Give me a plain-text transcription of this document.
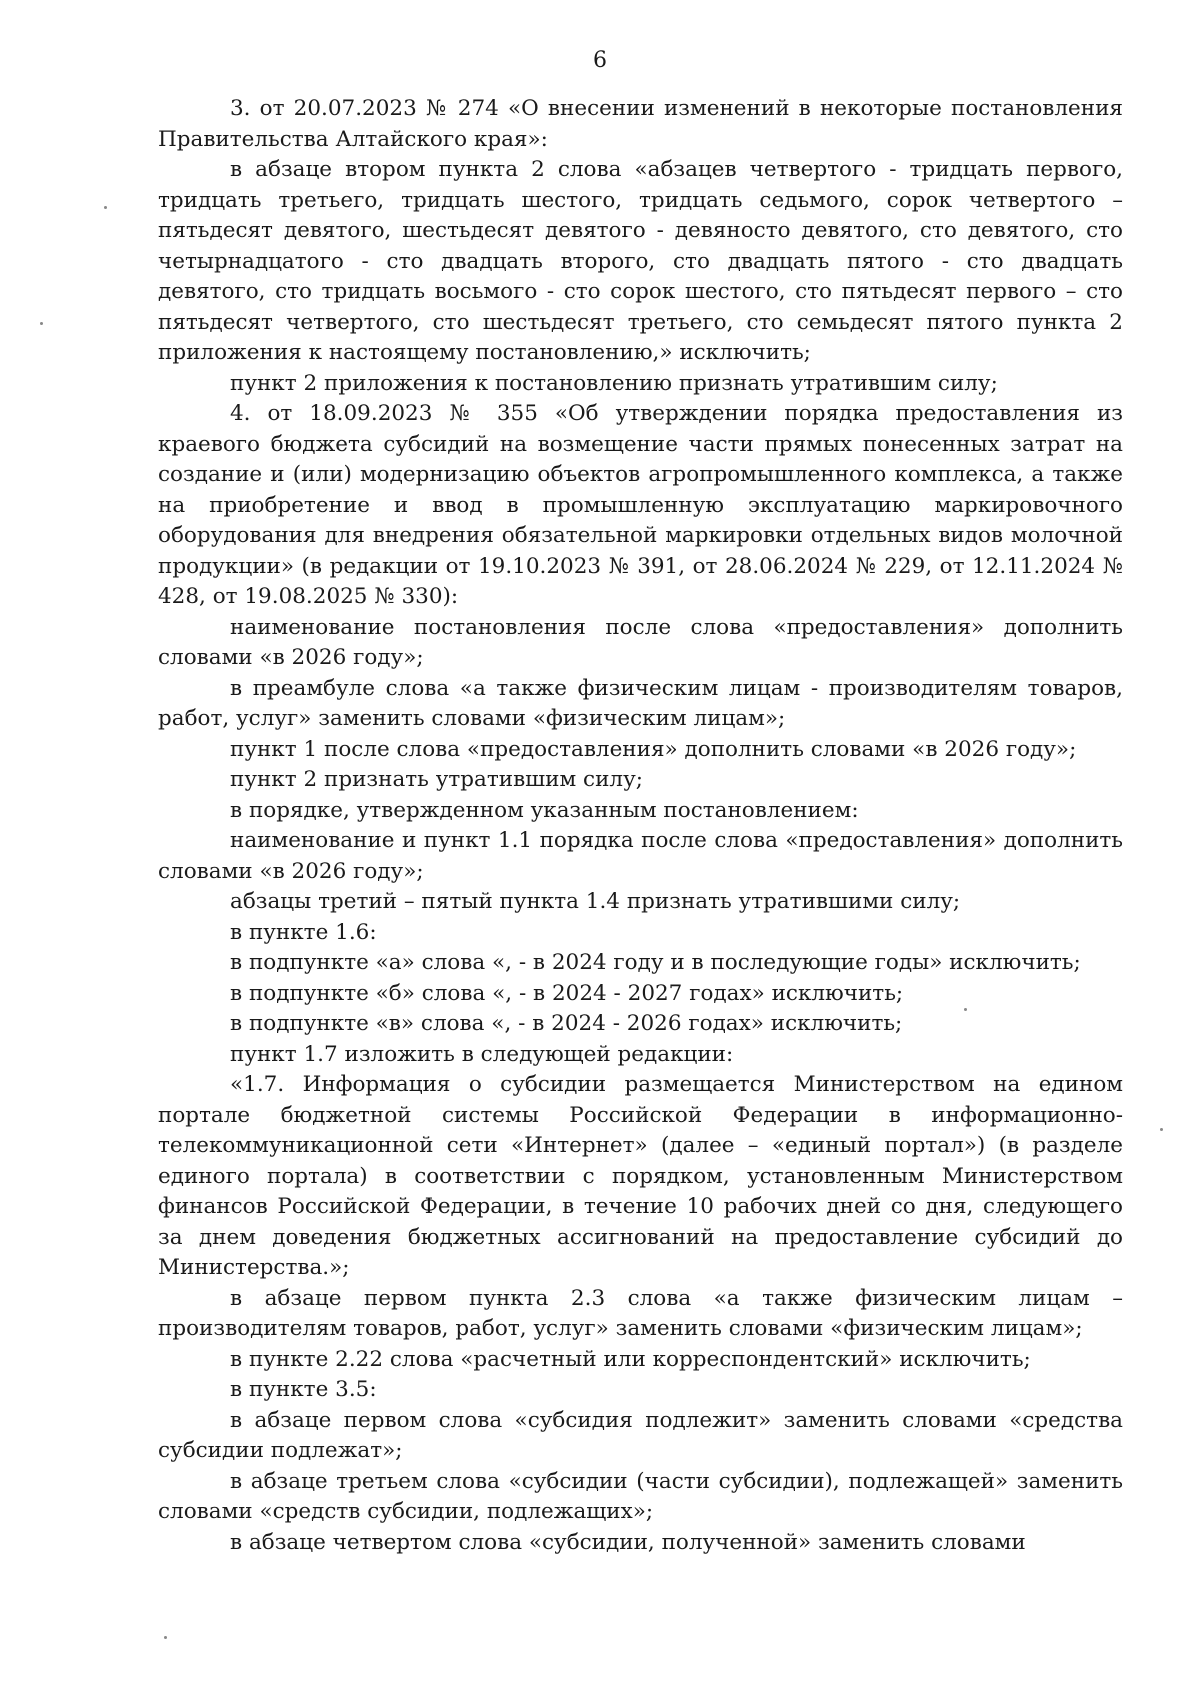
6

3. от 20.07.2023 № 274 «О внесении изменений в некоторые постановления Правительства Алтайского края»:

в абзаце втором пункта 2 слова «абзацев четвертого - тридцать первого, тридцать третьего, тридцать шестого, тридцать седьмого, сорок четвертого – пятьдесят девятого, шестьдесят девятого - девяносто девятого, сто девятого, сто четырнадцатого - сто двадцать второго, сто двадцать пятого - сто двадцать девятого, сто тридцать восьмого - сто сорок шестого, сто пятьдесят первого – сто пятьдесят четвертого, сто шестьдесят третьего, сто семьдесят пятого пункта 2 приложения к настоящему постановлению,» исключить;

пункт 2 приложения к постановлению признать утратившим силу;

4. от 18.09.2023 № 355 «Об утверждении порядка предоставления из краевого бюджета субсидий на возмещение части прямых понесенных затрат на создание и (или) модернизацию объектов агропромышленного комплекса, а также на приобретение и ввод в промышленную эксплуатацию маркировочного оборудования для внедрения обязательной маркировки отдельных видов молочной продукции» (в редакции от 19.10.2023 № 391, от 28.06.2024 № 229, от 12.11.2024 № 428, от 19.08.2025 № 330):

наименование постановления после слова «предоставления» дополнить словами «в 2026 году»;

в преамбуле слова «а также физическим лицам - производителям товаров, работ, услуг» заменить словами «физическим лицам»;

пункт 1 после слова «предоставления» дополнить словами «в 2026 году»;

пункт 2 признать утратившим силу;

в порядке, утвержденном указанным постановлением:

наименование и пункт 1.1 порядка после слова «предоставления» дополнить словами «в 2026 году»;

абзацы третий – пятый пункта 1.4 признать утратившими силу;

в пункте 1.6:

в подпункте «а» слова «, - в 2024 году и в последующие годы» исключить;

в подпункте «б» слова «, - в 2024 - 2027 годах» исключить;

в подпункте «в» слова «, - в 2024 - 2026 годах» исключить;

пункт 1.7 изложить в следующей редакции:

«1.7. Информация о субсидии размещается Министерством на едином портале бюджетной системы Российской Федерации в информационно-телекоммуникационной сети «Интернет» (далее – «единый портал») (в разделе единого портала) в соответствии с порядком, установленным Министерством финансов Российской Федерации, в течение 10 рабочих дней со дня, следующего за днем доведения бюджетных ассигнований на предоставление субсидий до Министерства.»;

в абзаце первом пункта 2.3 слова «а также физическим лицам – производителям товаров, работ, услуг» заменить словами «физическим лицам»;

в пункте 2.22 слова «расчетный или корреспондентский» исключить;

в пункте 3.5:

в абзаце первом слова «субсидия подлежит» заменить словами «средства субсидии подлежат»;

в абзаце третьем слова «субсидии (части субсидии), подлежащей» заменить словами «средств субсидии, подлежащих»;

в абзаце четвертом слова «субсидии, полученной» заменить словами
